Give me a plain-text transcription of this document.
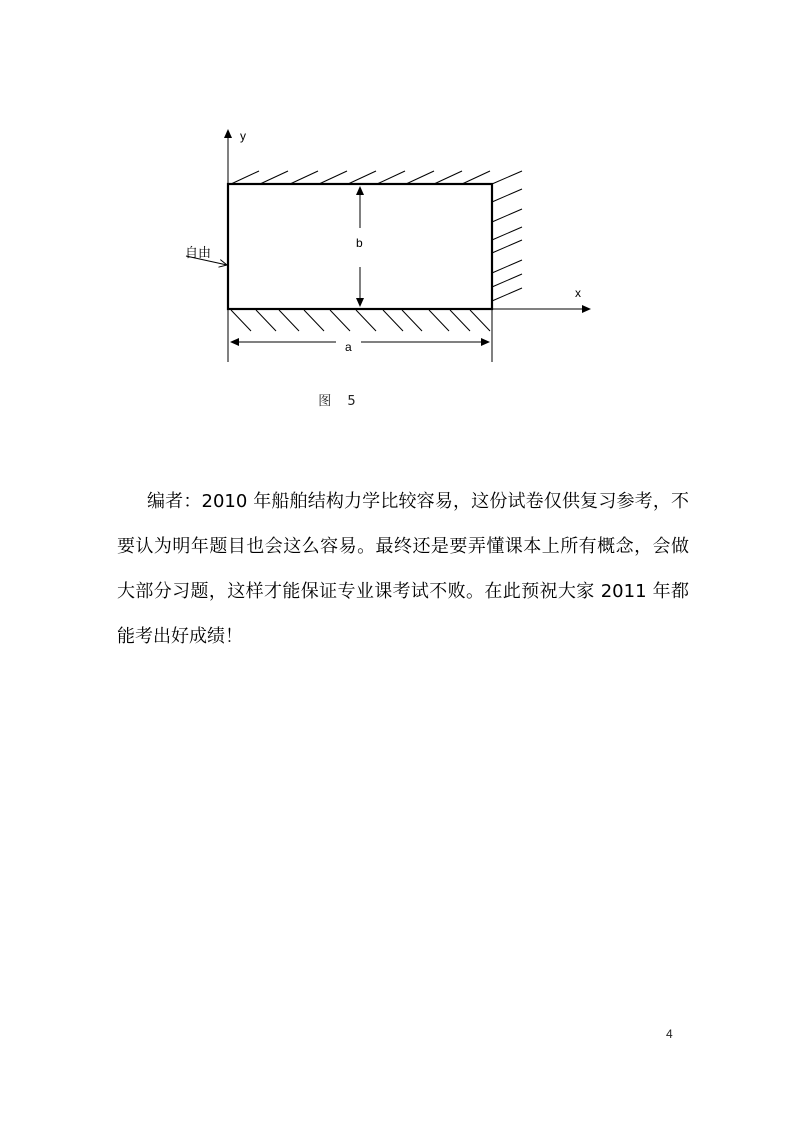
y
x
b
a
自由
图 5

编者：2010 年船舶结构力学比较容易，这份试卷仅供复习参考，不要认为明年题目也会这么容易。最终还是要弄懂课本上所有概念，会做大部分习题，这样才能保证专业课考试不败。在此预祝大家 2011 年都能考出好成绩！

4
